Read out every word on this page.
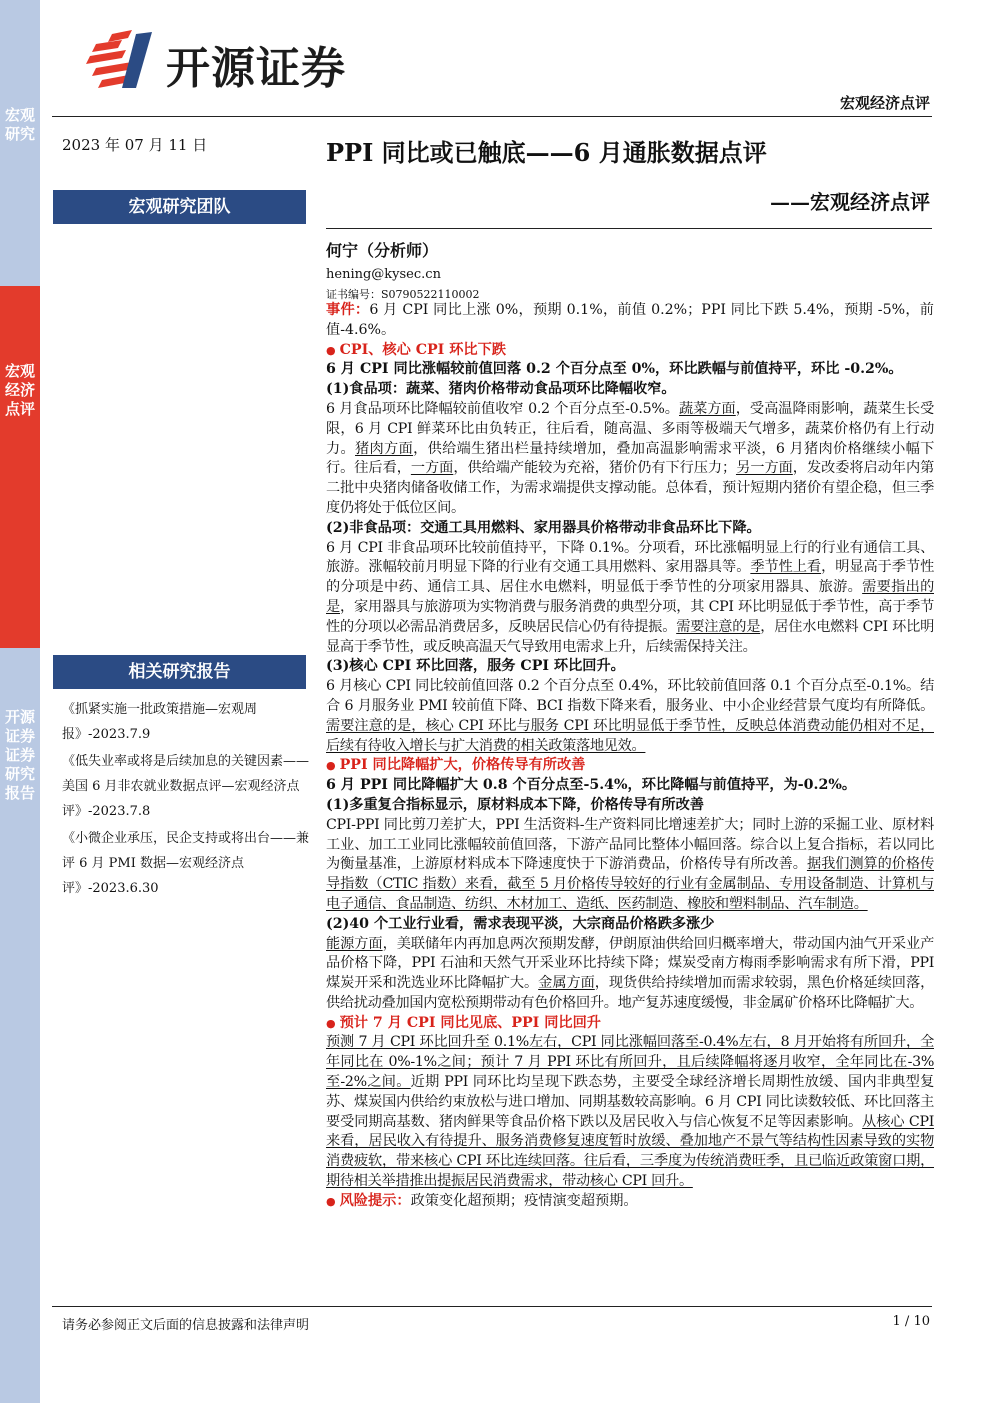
宏观研究
宏观经济点评
开源证券 证券研究报告
开源证券
宏观经济点评
2023 年 07 月 11 日	PPI 同比或已触底——6 月通胀数据点评
——宏观经济点评
宏观研究团队
相关研究报告

《抓紧实施一批政策措施—宏观周报》-2023.7.9

《低失业率或将是后续加息的关键因素——美国 6 月非农就业数据点评—宏观经济点评》-2023.7.8

《小微企业承压，民企支持或将出台——兼评 6 月 PMI 数据—宏观经济点评》-2023.6.30

何宁（分析师）
hening@kysec.cn
证书编号：S0790522110002

事件：6 月 CPI 同比上涨 0%，预期 0.1%，前值 0.2%；PPI 同比下跌 5.4%，预期 -5%，前值-4.6%。

● CPI、核心 CPI 环比下跌

6 月 CPI 同比涨幅较前值回落 0.2 个百分点至 0%，环比跌幅与前值持平，环比 -0.2%。

(1)食品项：蔬菜、猪肉价格带动食品项环比降幅收窄。

6 月食品项环比降幅较前值收窄 0.2 个百分点至-0.5%。蔬菜方面，受高温降雨影响，蔬菜生长受限，6 月 CPI 鲜菜环比由负转正，往后看，随高温、多雨等极端天气增多，蔬菜价格仍有上行动力。猪肉方面，供给端生猪出栏量持续增加，叠加高温影响需求平淡，6 月猪肉价格继续小幅下行。往后看，一方面，供给端产能较为充裕，猪价仍有下行压力；另一方面，发改委将启动年内第二批中央猪肉储备收储工作，为需求端提供支撑动能。总体看，预计短期内猪价有望企稳，但三季度仍将处于低位区间。

(2)非食品项：交通工具用燃料、家用器具价格带动非食品环比下降。

6 月 CPI 非食品项环比较前值持平，下降 0.1%。分项看，环比涨幅明显上行的行业有通信工具、旅游。涨幅较前月明显下降的行业有交通工具用燃料、家用器具等。季节性上看，明显高于季节性的分项是中药、通信工具、居住水电燃料，明显低于季节性的分项家用器具、旅游。需要指出的是，家用器具与旅游项为实物消费与服务消费的典型分项，其 CPI 环比明显低于季节性，高于季节性的分项以必需品消费居多，反映居民信心仍有待提振。需要注意的是，居住水电燃料 CPI 环比明显高于季节性，或反映高温天气导致用电需求上升，后续需保持关注。

(3)核心 CPI 环比回落，服务 CPI 环比回升。

6 月核心 CPI 同比较前值回落 0.2 个百分点至 0.4%，环比较前值回落 0.1 个百分点至-0.1%。结合 6 月服务业 PMI 较前值下降、BCI 指数下降来看，服务业、中小企业经营景气度均有所降低。需要注意的是，核心 CPI 环比与服务 CPI 环比明显低于季节性，反映总体消费动能仍相对不足，后续有待收入增长与扩大消费的相关政策落地见效。

● PPI 同比降幅扩大，价格传导有所改善

6 月 PPI 同比降幅扩大 0.8 个百分点至-5.4%，环比降幅与前值持平，为-0.2%。

(1)多重复合指标显示，原材料成本下降，价格传导有所改善

CPI-PPI 同比剪刀差扩大，PPI 生活资料-生产资料同比增速差扩大；同时上游的采掘工业、原材料工业、加工工业同比涨幅较前值回落，下游产品同比整体小幅回落。综合以上复合指标，若以同比为衡量基准，上游原材料成本下降速度快于下游消费品，价格传导有所改善。据我们测算的价格传导指数（CTIC 指数）来看，截至 5 月价格传导较好的行业有金属制品、专用设备制造、计算机与电子通信、食品制造、纺织、木材加工、造纸、医药制造、橡胶和塑料制品、汽车制造。

(2)40 个工业行业看，需求表现平淡，大宗商品价格跌多涨少

能源方面，美联储年内再加息两次预期发酵，伊朗原油供给回归概率增大，带动国内油气开采业产品价格下降，PPI 石油和天然气开采业环比持续下降；煤炭受南方梅雨季影响需求有所下滑，PPI 煤炭开采和洗选业环比降幅扩大。金属方面，现货供给持续增加而需求较弱，黑色价格延续回落，供给扰动叠加国内宽松预期带动有色价格回升。地产复苏速度缓慢，非金属矿价格环比降幅扩大。

● 预计 7 月 CPI 同比见底、PPI 同比回升

预测 7 月 CPI 环比回升至 0.1%左右，CPI 同比涨幅回落至-0.4%左右，8 月开始将有所回升，全年同比在 0%-1%之间；预计 7 月 PPI 环比有所回升，且后续降幅将逐月收窄，全年同比在-3%至-2%之间。近期 PPI 同环比均呈现下跌态势，主要受全球经济增长周期性放缓、国内非典型复苏、煤炭国内供给约束放松与进口增加、同期基数较高影响。6 月 CPI 同比读数较低、环比回落主要受同期高基数、猪肉鲜果等食品价格下跌以及居民收入与信心恢复不足等因素影响。从核心 CPI 来看，居民收入有待提升、服务消费修复速度暂时放缓、叠加地产不景气等结构性因素导致的实物消费疲软，带来核心 CPI 环比连续回落。往后看，三季度为传统消费旺季，且已临近政策窗口期，期待相关举措推出提振居民消费需求，带动核心 CPI 回升。

● 风险提示：政策变化超预期；疫情演变超预期。

请务必参阅正文后面的信息披露和法律声明	1 / 10
